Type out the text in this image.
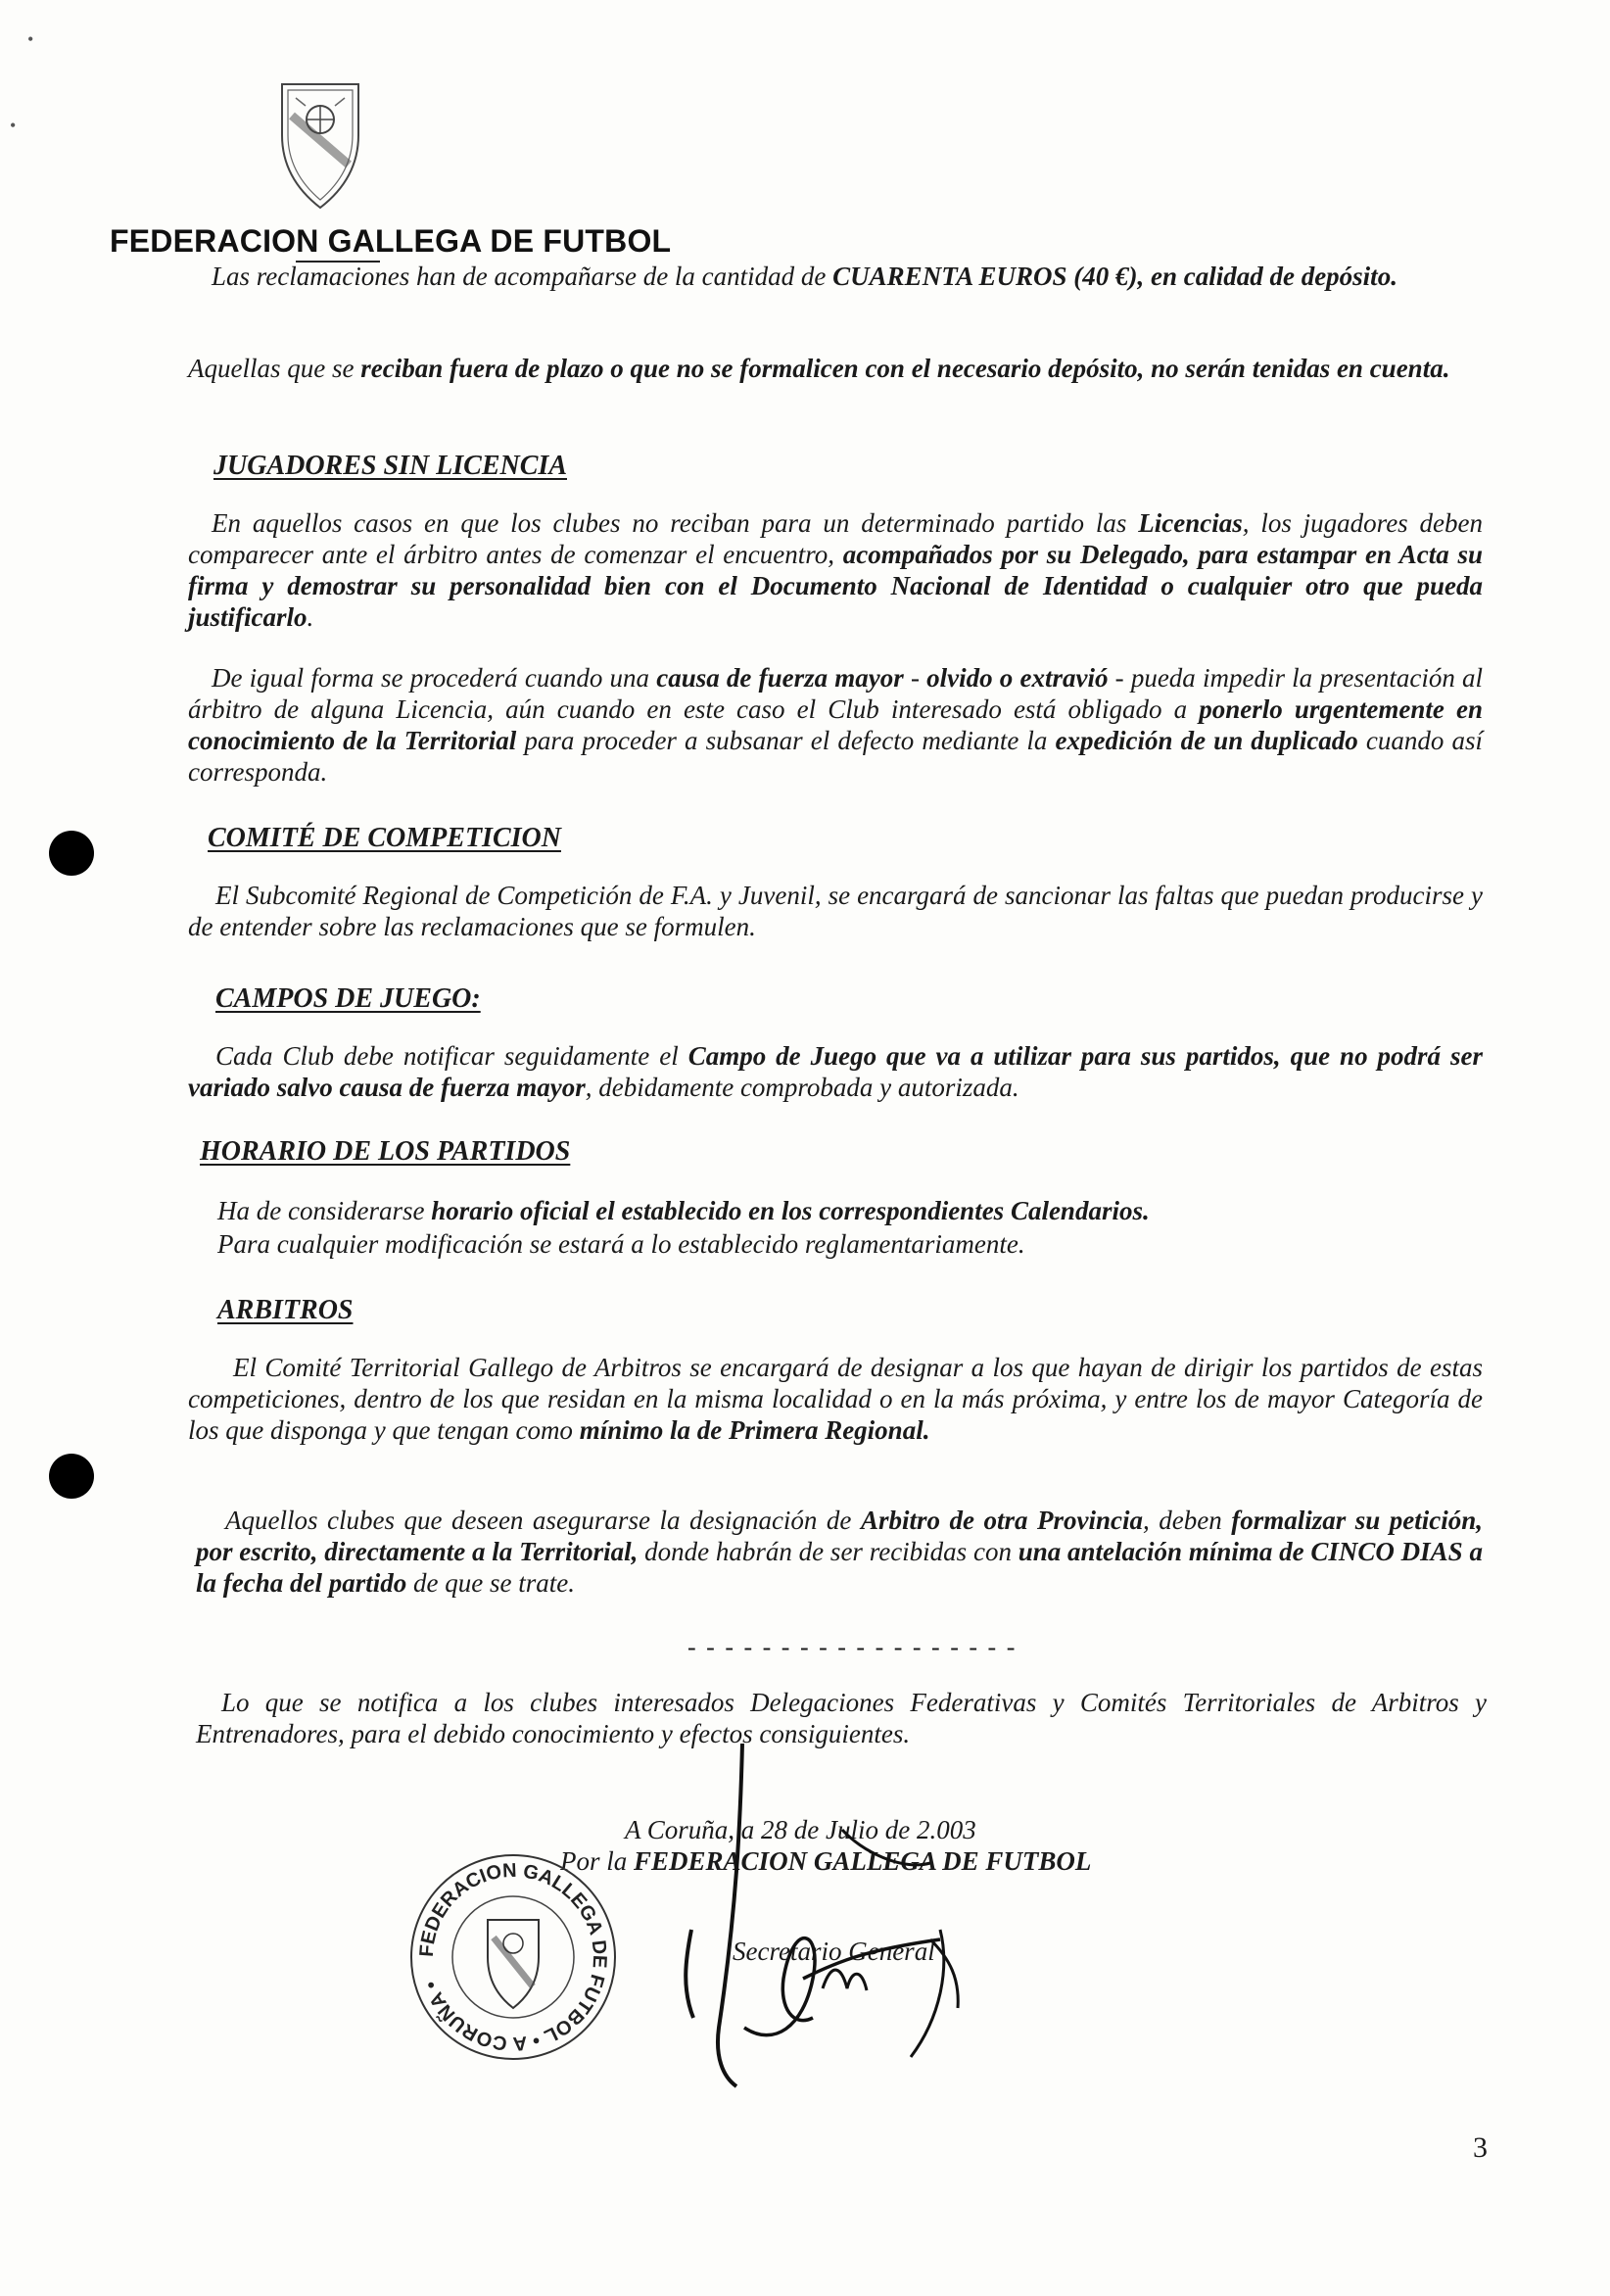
•
•
FEDERACION GALLEGA DE FUTBOL
Las reclamaciones han de acompañarse de la cantidad de CUARENTA EUROS (40 €), en calidad de depósito.
Aquellas que se reciban fuera de plazo o que no se formalicen con el necesario depósito, no serán tenidas en cuenta.
JUGADORES SIN LICENCIA
En aquellos casos en que los clubes no reciban para un determinado partido las Licencias, los jugadores deben comparecer ante el árbitro antes de comenzar el encuentro, acompañados por su Delegado, para estampar en Acta su firma y demostrar su personalidad bien con el Documento Nacional de Identidad o cualquier otro que pueda justificarlo.
De igual forma se procederá cuando una causa de fuerza mayor - olvido o extravió - pueda impedir la presentación al árbitro de alguna Licencia, aún cuando en este caso el Club interesado está obligado a ponerlo urgentemente en conocimiento de la Territorial para proceder a subsanar el defecto mediante la expedición de un duplicado cuando así corresponda.
COMITÉ DE COMPETICION
El Subcomité Regional de Competición de F.A. y Juvenil, se encargará de sancionar las faltas que puedan producirse y de entender sobre las reclamaciones que se formulen.
CAMPOS DE JUEGO:
Cada Club debe notificar seguidamente el Campo de Juego que va a utilizar para sus partidos, que no podrá ser variado salvo causa de fuerza mayor, debidamente comprobada y autorizada.
HORARIO DE LOS PARTIDOS
Ha de considerarse horario oficial el establecido en los correspondientes Calendarios.
Para cualquier modificación se estará a lo establecido reglamentariamente.
ARBITROS
El Comité Territorial Gallego de Arbitros se encargará de designar a los que hayan de dirigir los partidos de estas competiciones, dentro de los que residan en la misma localidad o en la más próxima, y entre los de mayor Categoría de los que disponga y que tengan como mínimo la de Primera Regional.
Aquellos clubes que deseen asegurarse la designación de Arbitro de otra Provincia, deben formalizar su petición, por escrito, directamente a la Territorial, donde habrán de ser recibidas con una antelación mínima de CINCO DIAS a la fecha del partido de que se trate.
- - - - - - - - - - - - - - - - - -
Lo que se notifica a los clubes interesados Delegaciones Federativas y Comités Territoriales de Arbitros y Entrenadores, para el debido conocimiento y efectos consiguientes.
A Coruña, a 28 de Julio de 2.003
Por la FEDERACION GALLEGA DE FUTBOL
Secretario General
FEDERACION GALLEGA DE FUTBOL • A CORUÑA •
3
